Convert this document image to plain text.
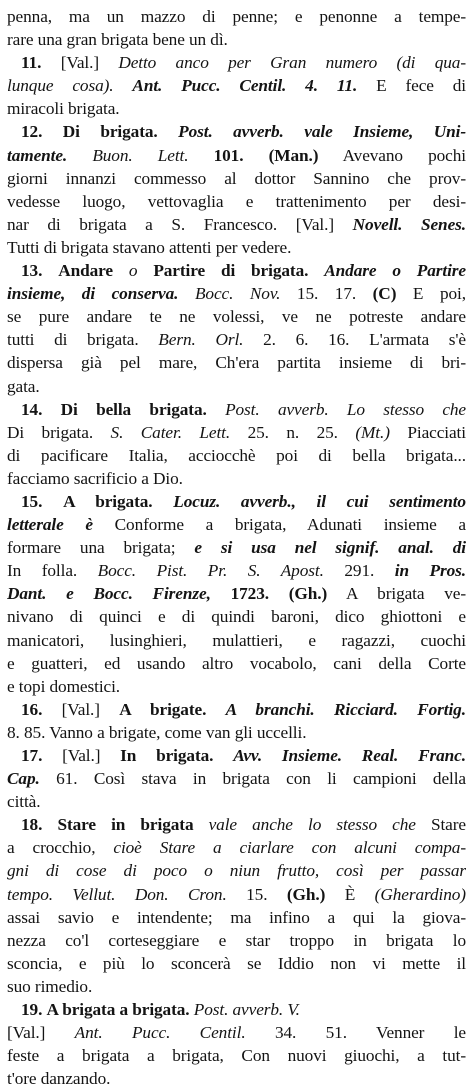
penna, ma un mazzo di penne; e penonne a tempe-
rare una gran brigata bene un dì.
11. [Val.] Detto anco per Gran numero (di qua-
lunque cosa). Ant. Pucc. Centil. 4. 11. E fece di
miracoli brigata.
12. Di brigata. Post. avverb. vale Insieme, Uni-
tamente. Buon. Lett. 101. (Man.) Avevano pochi
giorni innanzi commesso al dottor Sannino che prov-
vedesse luogo, vettovaglia e trattenimento per desi-
nar di brigata a S. Francesco. [Val.] Novell. Senes.
Tutti di brigata stavano attenti per vedere.
13. Andare o Partire di brigata. Andare o Partire
insieme, di conserva. Bocc. Nov. 15. 17. (C) E poi,
se pure andare te ne volessi, ve ne potreste andare
tutti di brigata. Bern. Orl. 2. 6. 16. L'armata s'è
dispersa già pel mare, Ch'era partita insieme di bri-
gata.
14. Di bella brigata. Post. avverb. Lo stesso che
Di brigata. S. Cater. Lett. 25. n. 25. (Mt.) Piacciati
di pacificare Italia, acciocchè poi di bella brigata...
facciamo sacrificio a Dio.
15. A brigata. Locuz. avverb., il cui sentimento
letterale è Conforme a brigata, Adunati insieme a
formare una brigata; e si usa nel signif. anal. di
In folla. Bocc. Pist. Pr. S. Apost. 291. in Pros.
Dant. e Bocc. Firenze, 1723. (Gh.) A brigata ve-
nivano di quinci e di quindi baroni, dico ghiottoni e
manicatori, lusinghieri, mulattieri, e ragazzi, cuochi
e guatteri, ed usando altro vocabolo, cani della Corte
e topi domestici.
16. [Val.] A brigate. A branchi. Ricciard. Fortig.
8. 85. Vanno a brigate, come van gli uccelli.
17. [Val.] In brigata. Avv. Insieme. Real. Franc.
Cap. 61. Così stava in brigata con li campioni della
città.
18. Stare in brigata vale anche lo stesso che Stare
a crocchio, cioè Stare a ciarlare con alcuni compa-
gni di cose di poco o niun frutto, così per passar
tempo. Vellut. Don. Cron. 15. (Gh.) È (Gherardino)
assai savio e intendente; ma infino a qui la giova-
nezza co'l corteseggiare e star troppo in brigata lo
sconcia, e più lo sconcerà se Iddio non vi mette il
suo rimedio.
19. A brigata a brigata. Post. avverb. V.
[Val.] Ant. Pucc. Centil. 34. 51. Venner le
feste a brigata a brigata, Con nuovi giuochi, a tut-
t'ore danzando.
